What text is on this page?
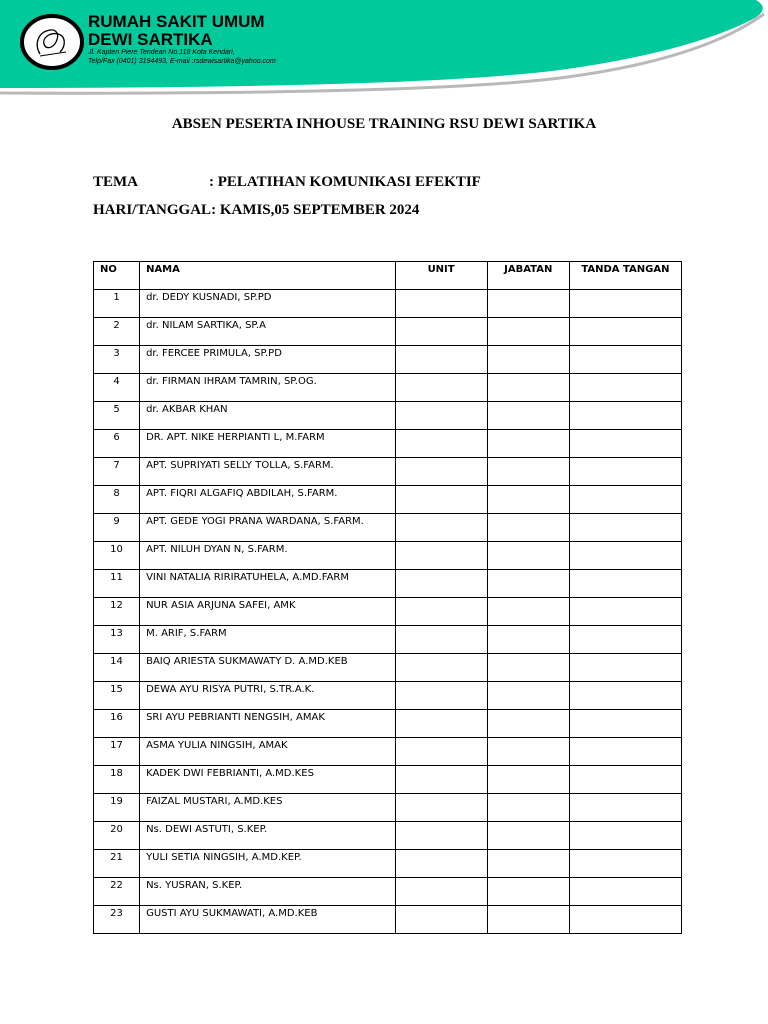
RUMAH SAKIT UMUM
DEWI SARTIKA
Jl. Kapten Piere Tendean No.118 Kota Kendari,
Telp/Fax (0401) 3194493, E-mail :rsdewisartika@yahoo.com
ABSEN PESERTA INHOUSE TRAINING RSU DEWI SARTIKA
TEMA	: PELATIHAN KOMUNIKASI EFEKTIF
HARI/TANGGAL: KAMIS,05 SEPTEMBER 2024
NO	NAMA	UNIT	JABATAN	TANDA TANGAN
1	dr. DEDY KUSNADI, SP.PD			
2	dr. NILAM SARTIKA, SP.A			
3	dr. FERCEE PRIMULA, SP.PD			
4	dr. FIRMAN IHRAM TAMRIN, SP.OG.			
5	dr. AKBAR KHAN			
6	DR. APT. NIKE HERPIANTI L, M.FARM			
7	APT. SUPRIYATI SELLY TOLLA, S.FARM.			
8	APT. FIQRI ALGAFIQ ABDILAH, S.FARM.			
9	APT. GEDE YOGI PRANA WARDANA, S.FARM.			
10	APT. NILUH DYAN N, S.FARM.			
11	VINI NATALIA RIRIRATUHELA, A.MD.FARM			
12	NUR ASIA ARJUNA SAFEI, AMK			
13	M. ARIF, S.FARM			
14	BAIQ ARIESTA SUKMAWATY D. A.MD.KEB			
15	DEWA AYU RISYA PUTRI, S.TR.A.K.			
16	SRI AYU PEBRIANTI NENGSIH, AMAK			
17	ASMA YULIA NINGSIH, AMAK			
18	KADEK DWI FEBRIANTI, A.MD.KES			
19	FAIZAL MUSTARI, A.MD.KES			
20	Ns. DEWI ASTUTI, S.KEP.			
21	YULI SETIA NINGSIH, A.MD.KEP.			
22	Ns. YUSRAN, S.KEP.			
23	GUSTI AYU SUKMAWATI, A.MD.KEB			
